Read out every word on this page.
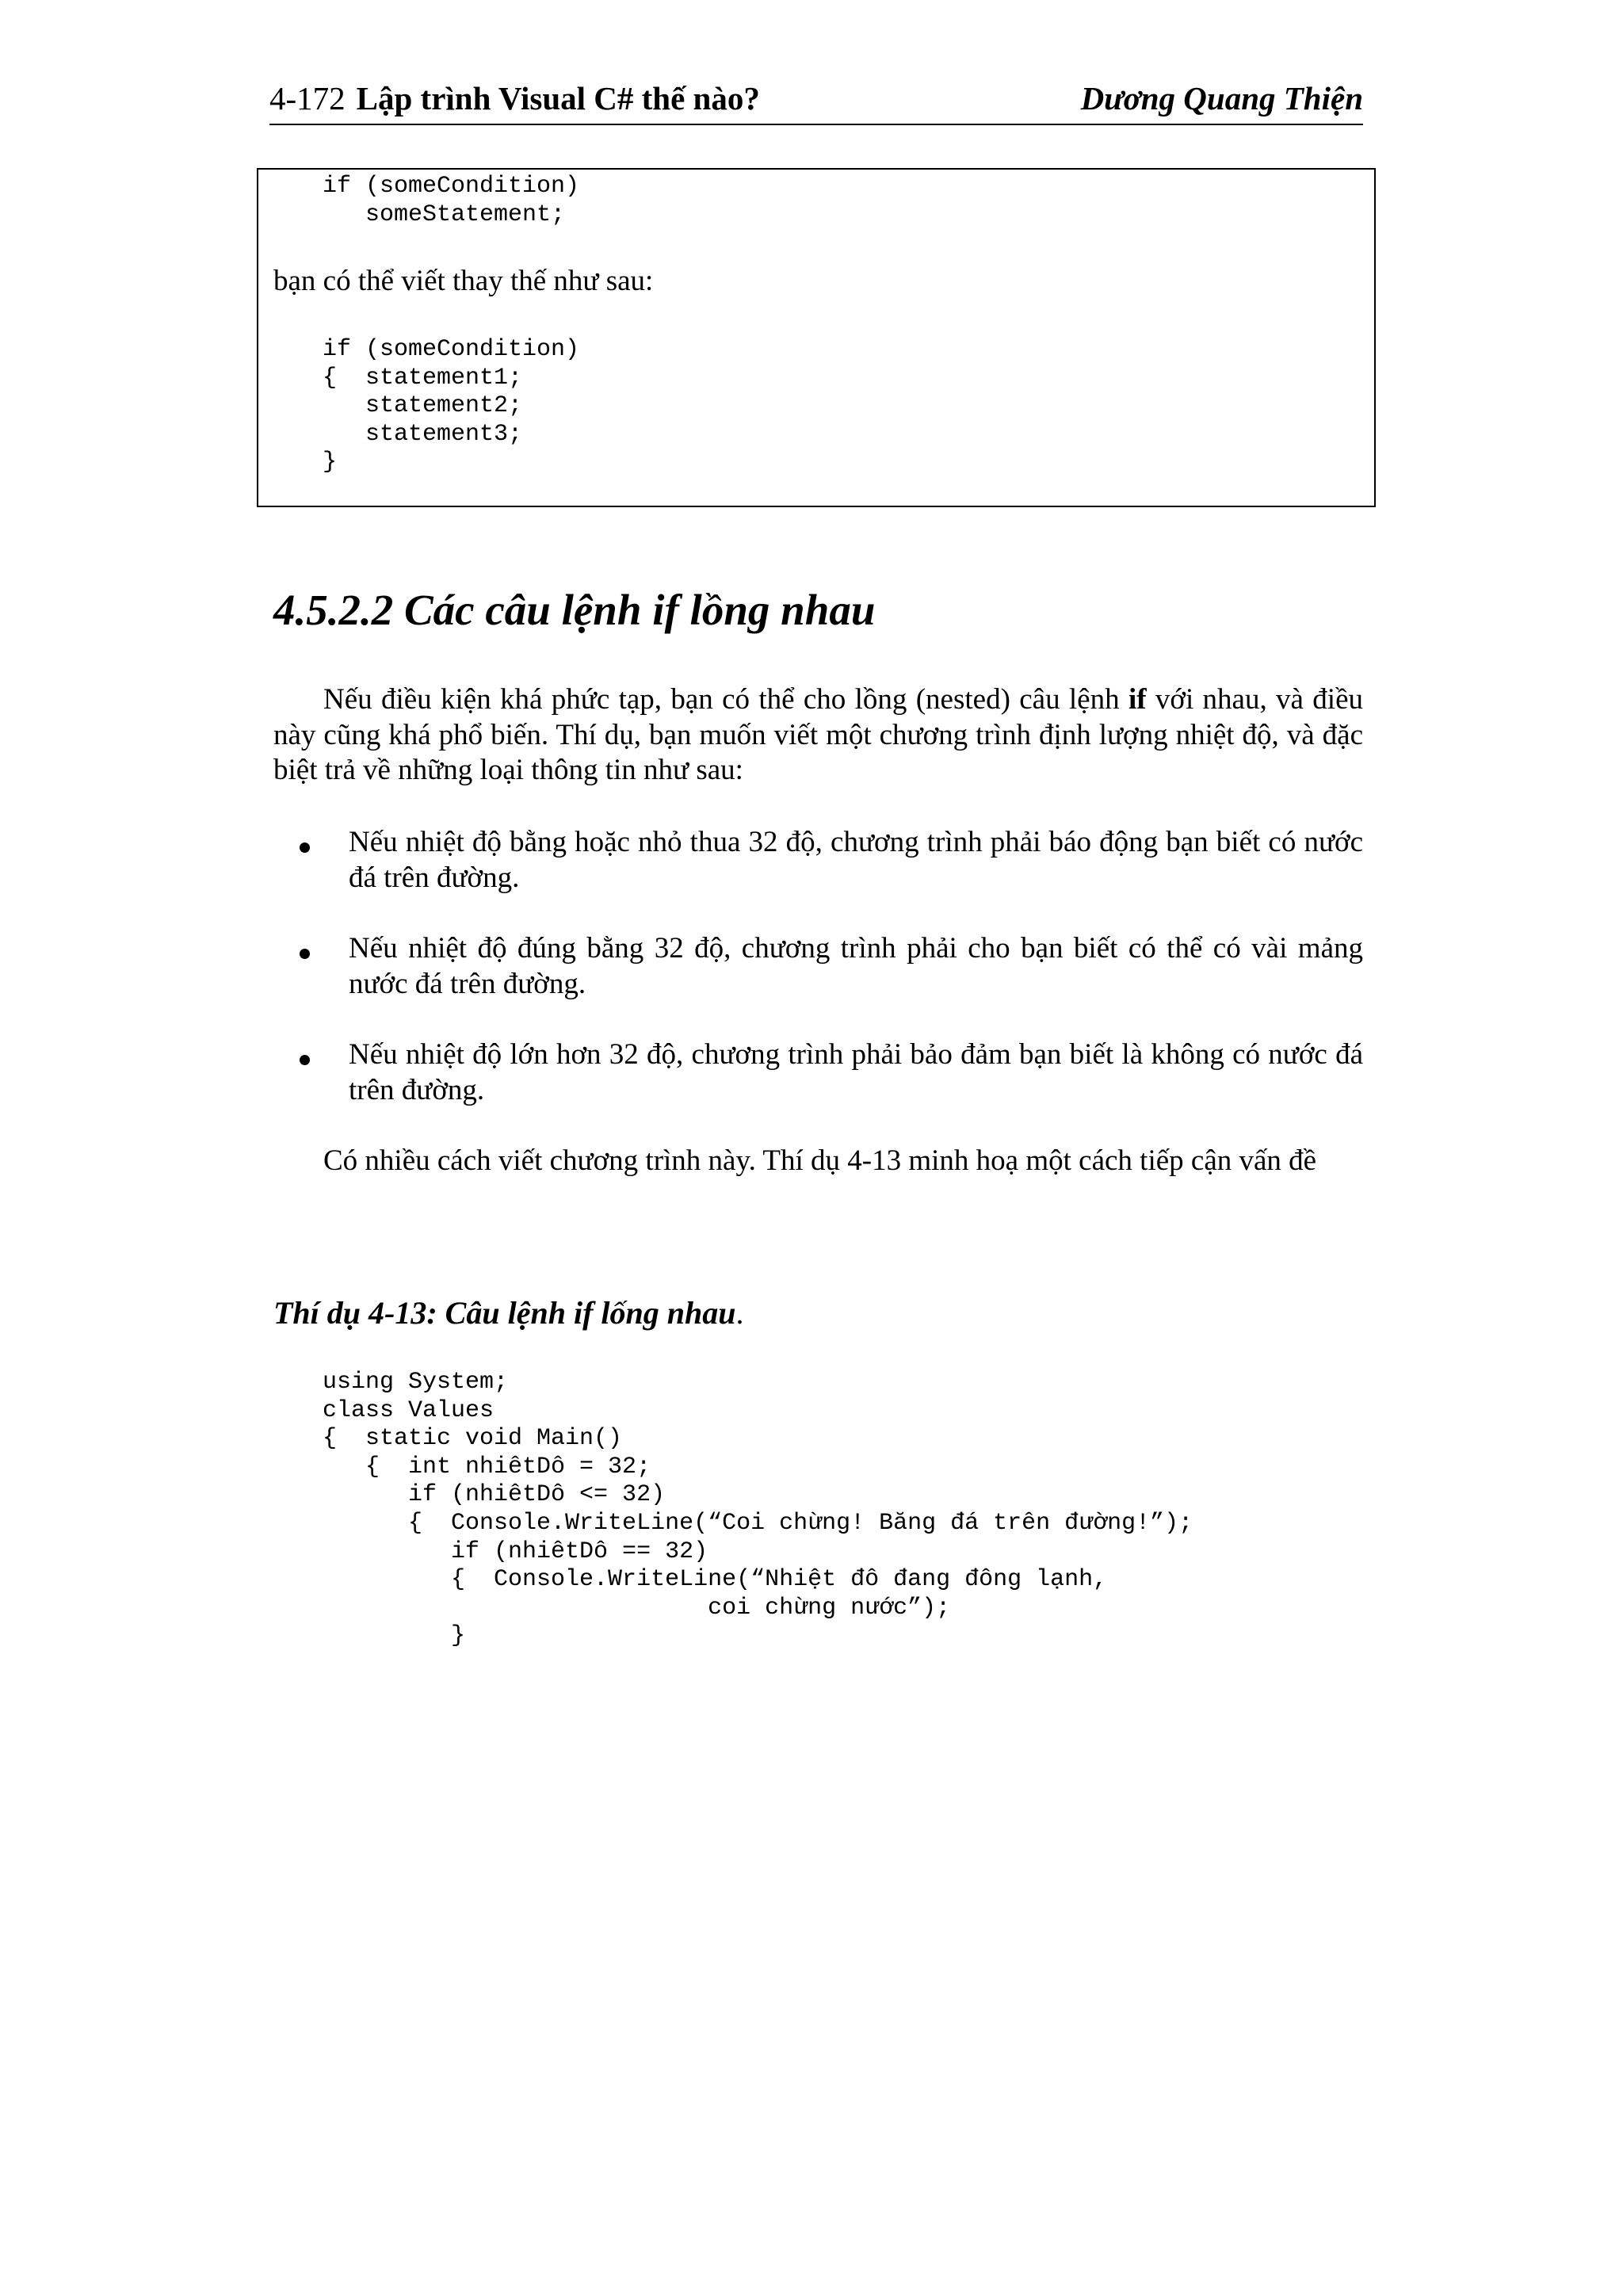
4-172 Lập trình Visual C# thế nào?	Dương Quang Thiện
if (someCondition)
someStatement;
bạn có thể viết thay thế như sau:
if (someCondition)
{  statement1;
statement2;
statement3;
}
4.5.2.2 Các câu lệnh if lồng nhau
Nếu điều kiện khá phức tạp, bạn có thể cho lồng (nested) câu lệnh if với nhau, và điều này cũng khá phổ biến. Thí dụ, bạn muốn viết một chương trình định lượng nhiệt độ, và đặc biệt trả về những loại thông tin như sau:
Nếu nhiệt độ bằng hoặc nhỏ thua 32 độ, chương trình phải báo động bạn biết có nước đá trên đường.
Nếu nhiệt độ đúng bằng 32 độ, chương trình phải cho bạn biết có thể có vài mảng nước đá trên đường.
Nếu nhiệt độ lớn hơn 32 độ, chương trình phải bảo đảm bạn biết là không có nước đá trên đường.
Có nhiều cách viết chương trình này. Thí dụ 4-13 minh hoạ một cách tiếp cận vấn đề
Thí dụ 4-13: Câu lệnh if lống nhau.
using System;
class Values
{  static void Main()
{  int nhiêtDô = 32;
if (nhiêtDô <= 32)
{  Console.WriteLine(“Coi chừng! Băng đá trên đường!”);
if (nhiêtDô == 32)
{  Console.WriteLine(“Nhiệt đô đang đông lạnh,
coi chừng nước”);
}
